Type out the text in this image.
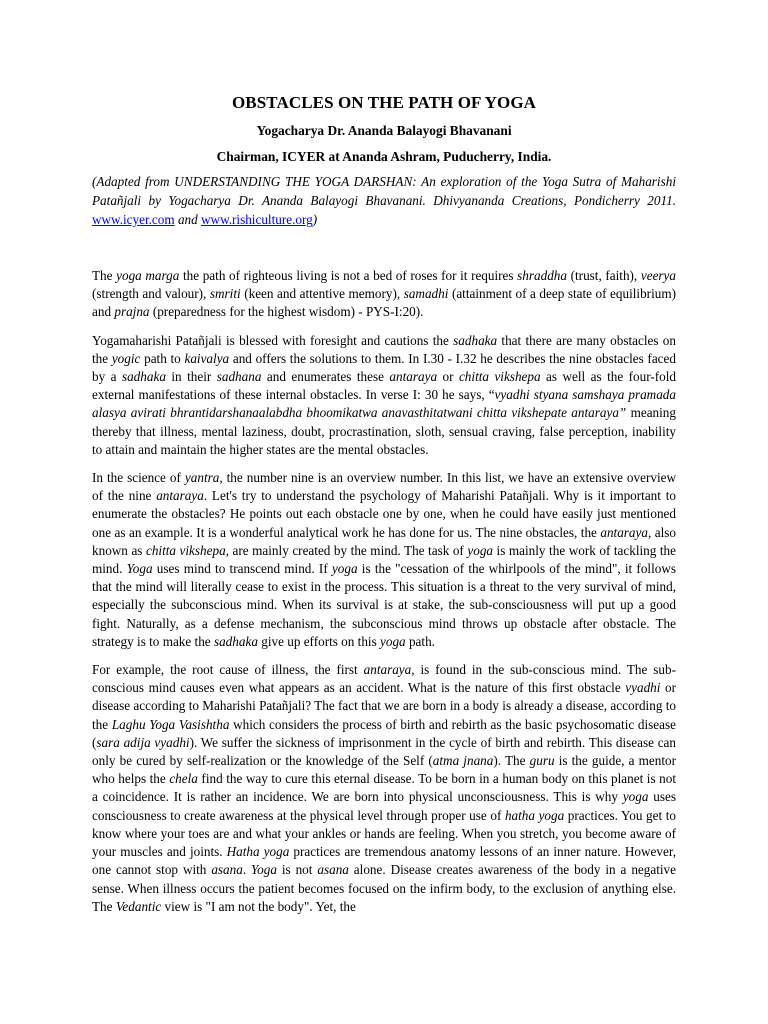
OBSTACLES ON THE PATH OF YOGA

Yogacharya Dr. Ananda Balayogi Bhavanani

Chairman, ICYER at Ananda Ashram, Puducherry, India.

(Adapted from UNDERSTANDING THE YOGA DARSHAN: An exploration of the Yoga Sutra of Maharishi Patañjali by Yogacharya Dr. Ananda Balayogi Bhavanani. Dhivyananda Creations, Pondicherry 2011. www.icyer.com and www.rishiculture.org)

The yoga marga the path of righteous living is not a bed of roses for it requires shraddha (trust, faith), veerya (strength and valour), smriti (keen and attentive memory), samadhi (attainment of a deep state of equilibrium) and prajna (preparedness for the highest wisdom) - PYS-I:20).

Yogamaharishi Patañjali is blessed with foresight and cautions the sadhaka that there are many obstacles on the yogic path to kaivalya and offers the solutions to them. In I.30 - I.32 he describes the nine obstacles faced by a sadhaka in their sadhana and enumerates these antaraya or chitta vikshepa as well as the four-fold external manifestations of these internal obstacles. In verse I: 30 he says, “vyadhi styana samshaya pramada alasya avirati bhrantidarshanaalabdha bhoomikatwa anavasthitatwani chitta vikshepate antaraya” meaning thereby that illness, mental laziness, doubt, procrastination, sloth, sensual craving, false perception, inability to attain and maintain the higher states are the mental obstacles.

In the science of yantra, the number nine is an overview number. In this list, we have an extensive overview of the nine antaraya. Let's try to understand the psychology of Maharishi Patañjali. Why is it important to enumerate the obstacles? He points out each obstacle one by one, when he could have easily just mentioned one as an example. It is a wonderful analytical work he has done for us. The nine obstacles, the antaraya, also known as chitta vikshepa, are mainly created by the mind. The task of yoga is mainly the work of tackling the mind. Yoga uses mind to transcend mind. If yoga is the "cessation of the whirlpools of the mind", it follows that the mind will literally cease to exist in the process. This situation is a threat to the very survival of mind, especially the subconscious mind. When its survival is at stake, the sub-consciousness will put up a good fight. Naturally, as a defense mechanism, the subconscious mind throws up obstacle after obstacle. The strategy is to make the sadhaka give up efforts on this yoga path.

For example, the root cause of illness, the first antaraya, is found in the sub-conscious mind. The sub-conscious mind causes even what appears as an accident. What is the nature of this first obstacle vyadhi or disease according to Maharishi Patañjali? The fact that we are born in a body is already a disease, according to the Laghu Yoga Vasishtha which considers the process of birth and rebirth as the basic psychosomatic disease (sara adija vyadhi). We suffer the sickness of imprisonment in the cycle of birth and rebirth. This disease can only be cured by self-realization or the knowledge of the Self (atma jnana). The guru is the guide, a mentor who helps the chela find the way to cure this eternal disease. To be born in a human body on this planet is not a coincidence. It is rather an incidence. We are born into physical unconsciousness. This is why yoga uses consciousness to create awareness at the physical level through proper use of hatha yoga practices. You get to know where your toes are and what your ankles or hands are feeling. When you stretch, you become aware of your muscles and joints. Hatha yoga practices are tremendous anatomy lessons of an inner nature. However, one cannot stop with asana. Yoga is not asana alone. Disease creates awareness of the body in a negative sense. When illness occurs the patient becomes focused on the infirm body, to the exclusion of anything else. The Vedantic view is "I am not the body". Yet, the
